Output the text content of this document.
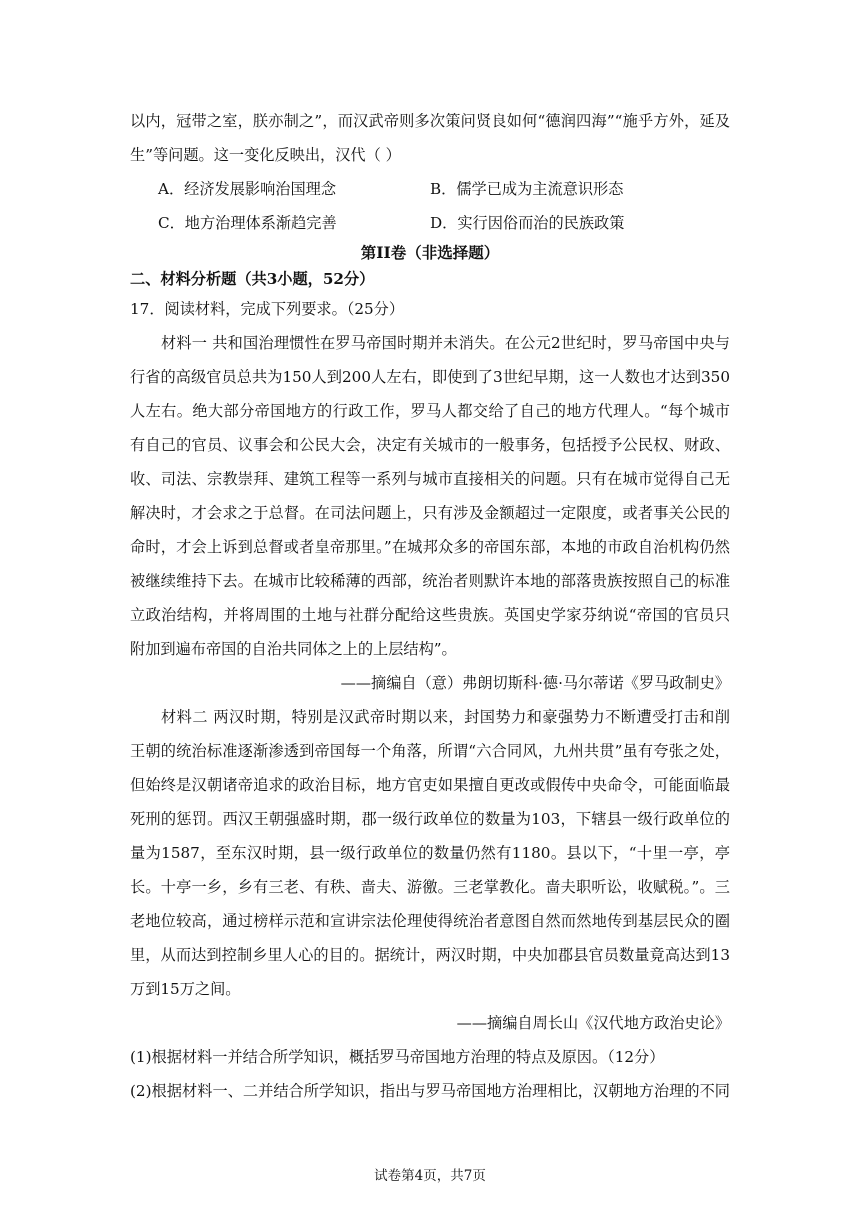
以内，冠带之室，朕亦制之”，而汉武帝则多次策问贤良如何“德润四海”“施乎方外，延及
生”等问题。这一变化反映出，汉代（ ）
A．经济发展影响治国理念	B．儒学已成为主流意识形态
C．地方治理体系渐趋完善	D．实行因俗而治的民族政策
第II卷（非选择题）
二、材料分析题（共3小题，52分）
17．阅读材料，完成下列要求。（25分）
材料一 共和国治理惯性在罗马帝国时期并未消失。在公元2世纪时，罗马帝国中央与
行省的高级官员总共为150人到200人左右，即使到了3世纪早期，这一人数也才达到350
人左右。绝大部分帝国地方的行政工作，罗马人都交给了自己的地方代理人。“每个城市
有自己的官员、议事会和公民大会，决定有关城市的一般事务，包括授予公民权、财政、
收、司法、宗教崇拜、建筑工程等一系列与城市直接相关的问题。只有在城市觉得自己无
解决时，才会求之于总督。在司法问题上，只有涉及金额超过一定限度，或者事关公民的
命时，才会上诉到总督或者皇帝那里。”在城邦众多的帝国东部，本地的市政自治机构仍然
被继续维持下去。在城市比较稀薄的西部，统治者则默许本地的部落贵族按照自己的标准
立政治结构，并将周围的土地与社群分配给这些贵族。英国史学家芬纳说“帝国的官员只
附加到遍布帝国的自治共同体之上的上层结构”。
——摘编自（意）弗朗切斯科·德·马尔蒂诺《罗马政制史》
材料二 两汉时期，特别是汉武帝时期以来，封国势力和豪强势力不断遭受打击和削
王朝的统治标准逐渐渗透到帝国每一个角落，所谓“六合同风，九州共贯”虽有夸张之处，
但始终是汉朝诸帝追求的政治目标，地方官吏如果擅自更改或假传中央命令，可能面临最
死刑的惩罚。西汉王朝强盛时期，郡一级行政单位的数量为103，下辖县一级行政单位的
量为1587，至东汉时期，县一级行政单位的数量仍然有1180。县以下，“十里一亭，亭
长。十亭一乡，乡有三老、有秩、啬夫、游徼。三老掌教化。啬夫职听讼，收赋税。”。三
老地位较高，通过榜样示范和宣讲宗法伦理使得统治者意图自然而然地传到基层民众的圈
里，从而达到控制乡里人心的目的。据统计，两汉时期，中央加郡县官员数量竟高达到13
万到15万之间。
——摘编自周长山《汉代地方政治史论》
(1)根据材料一并结合所学知识，概括罗马帝国地方治理的特点及原因。（12分）
(2)根据材料一、二并结合所学知识，指出与罗马帝国地方治理相比，汉朝地方治理的不同
试卷第4页，共7页
